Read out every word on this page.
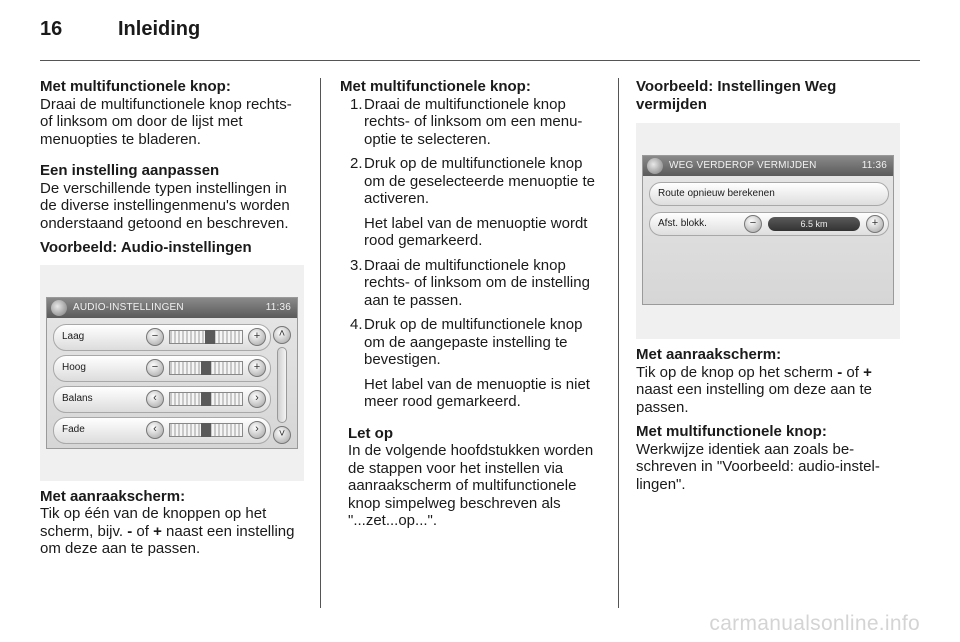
16	Inleiding

Met multifunctionele knop:

Draai de multifunctionele knop rechts- of linksom om door de lijst met menuopties te bladeren.

Een instelling aanpassen

De verschillende typen instellingen in de diverse instellingenmenu's worden onderstaand getoond en beschreven.

Voorbeeld: Audio-instellingen

AUDIO-INSTELLINGEN	11:36
Laag	−	+
Hoog	−	+
Balans	‹	›
Fade	‹	›
˄
˅

Met aanraakscherm:

Tik op één van de knoppen op het scherm, bijv. - of + naast een instelling om deze aan te passen.

Met multifunctionele knop:

1. Draai de multifunctionele knop rechts- of linksom om een menuoptie te selecteren.

2. Druk op de multifunctionele knop om de geselecteerde menuoptie te activeren.

Het label van de menuoptie wordt rood gemarkeerd.

3. Draai de multifunctionele knop rechts- of linksom om de instelling aan te passen.

4. Druk op de multifunctionele knop om de aangepaste instelling te bevestigen.

Het label van de menuoptie is niet meer rood gemarkeerd.

Let op

In de volgende hoofdstukken worden de stappen voor het instellen via aanraakscherm of multifunctionele knop simpelweg beschreven als "...zet...op...".

Voorbeeld: Instellingen Weg vermijden

WEG VERDEROP VERMIJDEN	11:36
Route opnieuw berekenen
Afst. blokk.	−	6.5 km	+

Met aanraakscherm:

Tik op de knop op het scherm - of + naast een instelling om deze aan te passen.

Met multifunctionele knop:

Werkwijze identiek aan zoals beschreven in "Voorbeeld: audio-instellingen".

carmanualsonline.info
